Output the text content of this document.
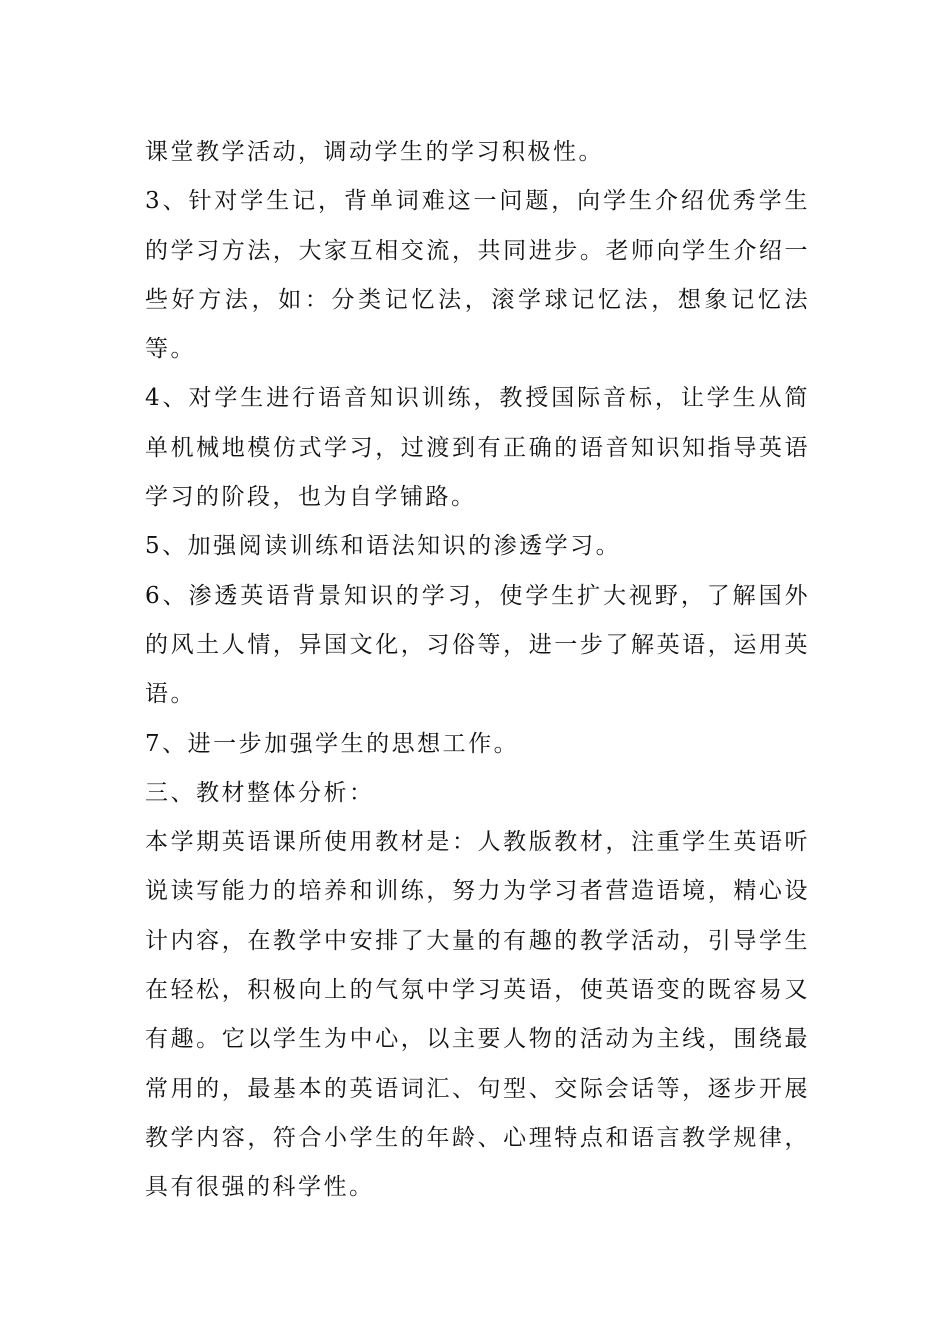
课堂教学活动，调动学生的学习积极性。

3、针对学生记，背单词难这一问题，向学生介绍优秀学生的学习方法，大家互相交流，共同进步。老师向学生介绍一些好方法，如：分类记忆法，滚学球记忆法，想象记忆法等。

4、对学生进行语音知识训练，教授国际音标，让学生从简单机械地模仿式学习，过渡到有正确的语音知识知指导英语学习的阶段，也为自学铺路。

5、加强阅读训练和语法知识的渗透学习。

6、渗透英语背景知识的学习，使学生扩大视野，了解国外的风土人情，异国文化，习俗等，进一步了解英语，运用英语。

7、进一步加强学生的思想工作。

三、教材整体分析：

本学期英语课所使用教材是：人教版教材，注重学生英语听说读写能力的培养和训练，努力为学习者营造语境，精心设计内容，在教学中安排了大量的有趣的教学活动，引导学生在轻松，积极向上的气氛中学习英语，使英语变的既容易又有趣。它以学生为中心，以主要人物的活动为主线，围绕最常用的，最基本的英语词汇、句型、交际会话等，逐步开展教学内容，符合小学生的年龄、心理特点和语言教学规律，具有很强的科学性。
